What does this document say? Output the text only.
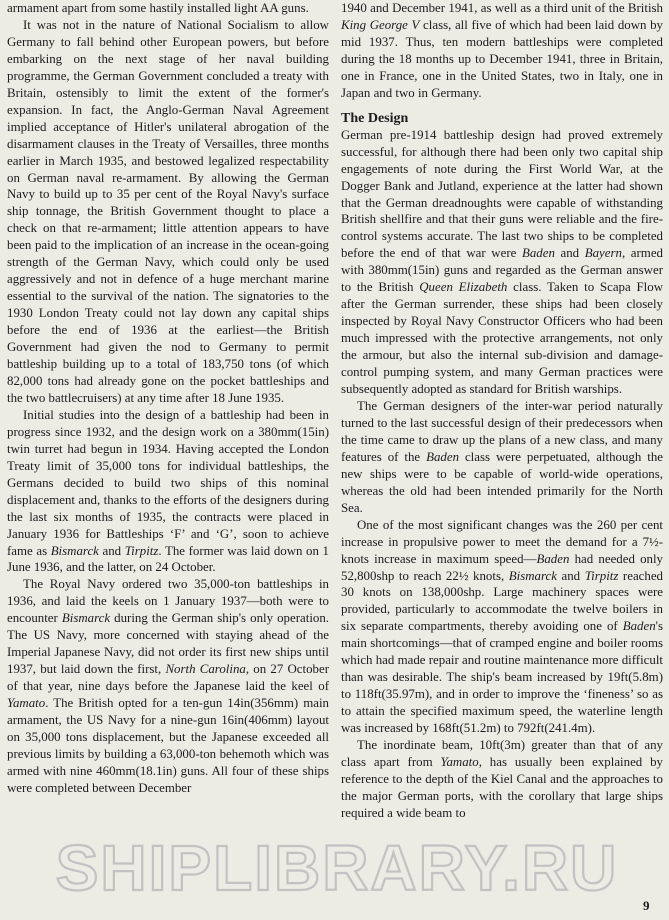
armament apart from some hastily installed light AA guns.

It was not in the nature of National Socialism to allow Germany to fall behind other European powers, but before embarking on the next stage of her naval building programme, the German Government concluded a treaty with Britain, ostensibly to limit the extent of the former's expansion. In fact, the Anglo-German Naval Agreement implied acceptance of Hitler's unilateral abrogation of the disarmament clauses in the Treaty of Versailles, three months earlier in March 1935, and bestowed legalized respectability on German naval re-armament. By allowing the German Navy to build up to 35 per cent of the Royal Navy's surface ship tonnage, the British Government thought to place a check on that re-armament; little attention appears to have been paid to the implication of an increase in the ocean-going strength of the German Navy, which could only be used aggressively and not in defence of a huge merchant marine essential to the survival of the nation. The signatories to the 1930 London Treaty could not lay down any capital ships before the end of 1936 at the earliest—the British Government had given the nod to Germany to permit battleship building up to a total of 183,750 tons (of which 82,000 tons had already gone on the pocket battleships and the two battlecruisers) at any time after 18 June 1935.

Initial studies into the design of a battleship had been in progress since 1932, and the design work on a 380mm(15in) twin turret had begun in 1934. Having accepted the London Treaty limit of 35,000 tons for individual battleships, the Germans decided to build two ships of this nominal displacement and, thanks to the efforts of the designers during the last six months of 1935, the contracts were placed in January 1936 for Battleships ‘F’ and ‘G’, soon to achieve fame as Bismarck and Tirpitz. The former was laid down on 1 June 1936, and the latter, on 24 October.

The Royal Navy ordered two 35,000-ton battleships in 1936, and laid the keels on 1 January 1937—both were to encounter Bismarck during the German ship's only operation. The US Navy, more concerned with staying ahead of the Imperial Japanese Navy, did not order its first new ships until 1937, but laid down the first, North Carolina, on 27 October of that year, nine days before the Japanese laid the keel of Yamato. The British opted for a ten-gun 14in(356mm) main armament, the US Navy for a nine-gun 16in(406mm) layout on 35,000 tons displacement, but the Japanese exceeded all previous limits by building a 63,000-ton behemoth which was armed with nine 460mm(18.1in) guns. All four of these ships were completed between December

1940 and December 1941, as well as a third unit of the British King George V class, all five of which had been laid down by mid 1937. Thus, ten modern battleships were completed during the 18 months up to December 1941, three in Britain, one in France, one in the United States, two in Italy, one in Japan and two in Germany.

The Design

German pre-1914 battleship design had proved extremely successful, for although there had been only two capital ship engagements of note during the First World War, at the Dogger Bank and Jutland, experience at the latter had shown that the German dreadnoughts were capable of withstanding British shellfire and that their guns were reliable and the fire-control systems accurate. The last two ships to be completed before the end of that war were Baden and Bayern, armed with 380mm(15in) guns and regarded as the German answer to the British Queen Elizabeth class. Taken to Scapa Flow after the German surrender, these ships had been closely inspected by Royal Navy Constructor Officers who had been much impressed with the protective arrangements, not only the armour, but also the internal sub-division and damage-control pumping system, and many German practices were subsequently adopted as standard for British warships.

The German designers of the inter-war period naturally turned to the last successful design of their predecessors when the time came to draw up the plans of a new class, and many features of the Baden class were perpetuated, although the new ships were to be capable of world-wide operations, whereas the old had been intended primarily for the North Sea.

One of the most significant changes was the 260 per cent increase in propulsive power to meet the demand for a 7½-knots increase in maximum speed—Baden had needed only 52,800shp to reach 22½ knots, Bismarck and Tirpitz reached 30 knots on 138,000shp. Large machinery spaces were provided, particularly to accommodate the twelve boilers in six separate compartments, thereby avoiding one of Baden's main shortcomings—that of cramped engine and boiler rooms which had made repair and routine maintenance more difficult than was desirable. The ship's beam increased by 19ft(5.8m) to 118ft(35.97m), and in order to improve the ‘fineness’ so as to attain the specified maximum speed, the waterline length was increased by 168ft(51.2m) to 792ft(241.4m).

The inordinate beam, 10ft(3m) greater than that of any class apart from Yamato, has usually been explained by reference to the depth of the Kiel Canal and the approaches to the major German ports, with the corollary that large ships required a wide beam to

SHIPLIBRARY.RU
9
